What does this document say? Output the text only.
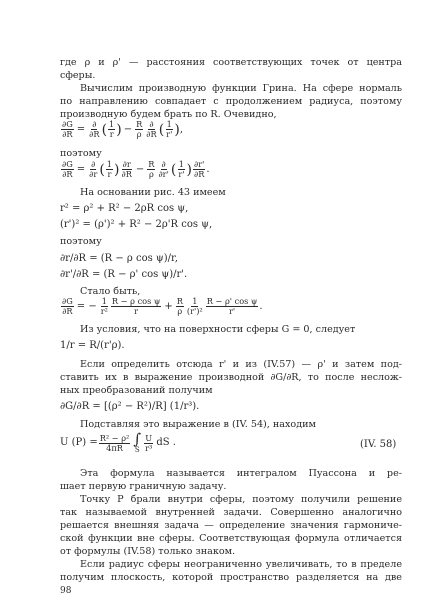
где ρ и ρ' — расстояния соответствующих точек от центра
сферы.
Вычислим производную функции Грина. На сфере нормаль
по направлению совпадает с продолжением радиуса, поэтому
производную будем брать по R. Очевидно,
$\frac{\partial G}{\partial R} = \frac{\partial}{\partial R}$ ( $\frac{1}{r}$ ) − $\frac{R}{\rho} \frac{\partial}{\partial R}$ ( $\frac{1}{r'}$ ) ,
поэтому
$\frac{\partial G}{\partial R} = \frac{\partial}{\partial r}$ ( $\frac{1}{r}$ ) $\frac{\partial r}{\partial R} - \frac{R}{\rho} \frac{\partial}{\partial r'}$ ( $\frac{1}{r'}$ ) $\frac{\partial r'}{\partial R}$ .
На основании рис. 43 имеем
r² = ρ² + R² − 2ρR cos ψ,
(r')² = (ρ')² + R² − 2ρ'R cos ψ,
поэтому
∂r/∂R = (R − ρ cos ψ)/r,
∂r'/∂R = (R − ρ' cos ψ)/r'.
Стало быть,
$\frac{\partial G}{\partial R}$ = − $\frac{1}{\text{r²}} \frac{\text{R − ρ cos ψ}}{r} + \frac{R}{\rho} \frac{1}{\text{(r')²}} \frac{\text{R − ρ' cos ψ}}{r'}$ .
Из условия, что на поверхности сферы G = 0, следует
1/r = R/(r'ρ).
Если определить отсюда r' и из (IV.57) — ρ' и затем под-
ставить их в выражение производной ∂G/∂R, то после неслож-
ных преобразований получим
∂G/∂R = [(ρ² − R²)/R] (1/r³).
Подставляя это выражение в (IV. 54), находим
U $(P) = \frac{\text{R² − ρ²}}{4\pi R}$ ∫
S $\frac{U}{\text{r³}}$ dS .	(IV. 58)
Эта формула называется интегралом Пуассона и ре-
шает первую граничную задачу.
Точку P брали внутри сферы, поэтому получили решение
так называемой внутренней задачи. Совершенно аналогично
решается внешняя задача — определение значения гармониче-
ской функции вне сферы. Соответствующая формула отличается
от формулы (IV.58) только знаком.
Если радиус сферы неограниченно увеличивать, то в пределе
получим плоскость, которой пространство разделяется на две
98
